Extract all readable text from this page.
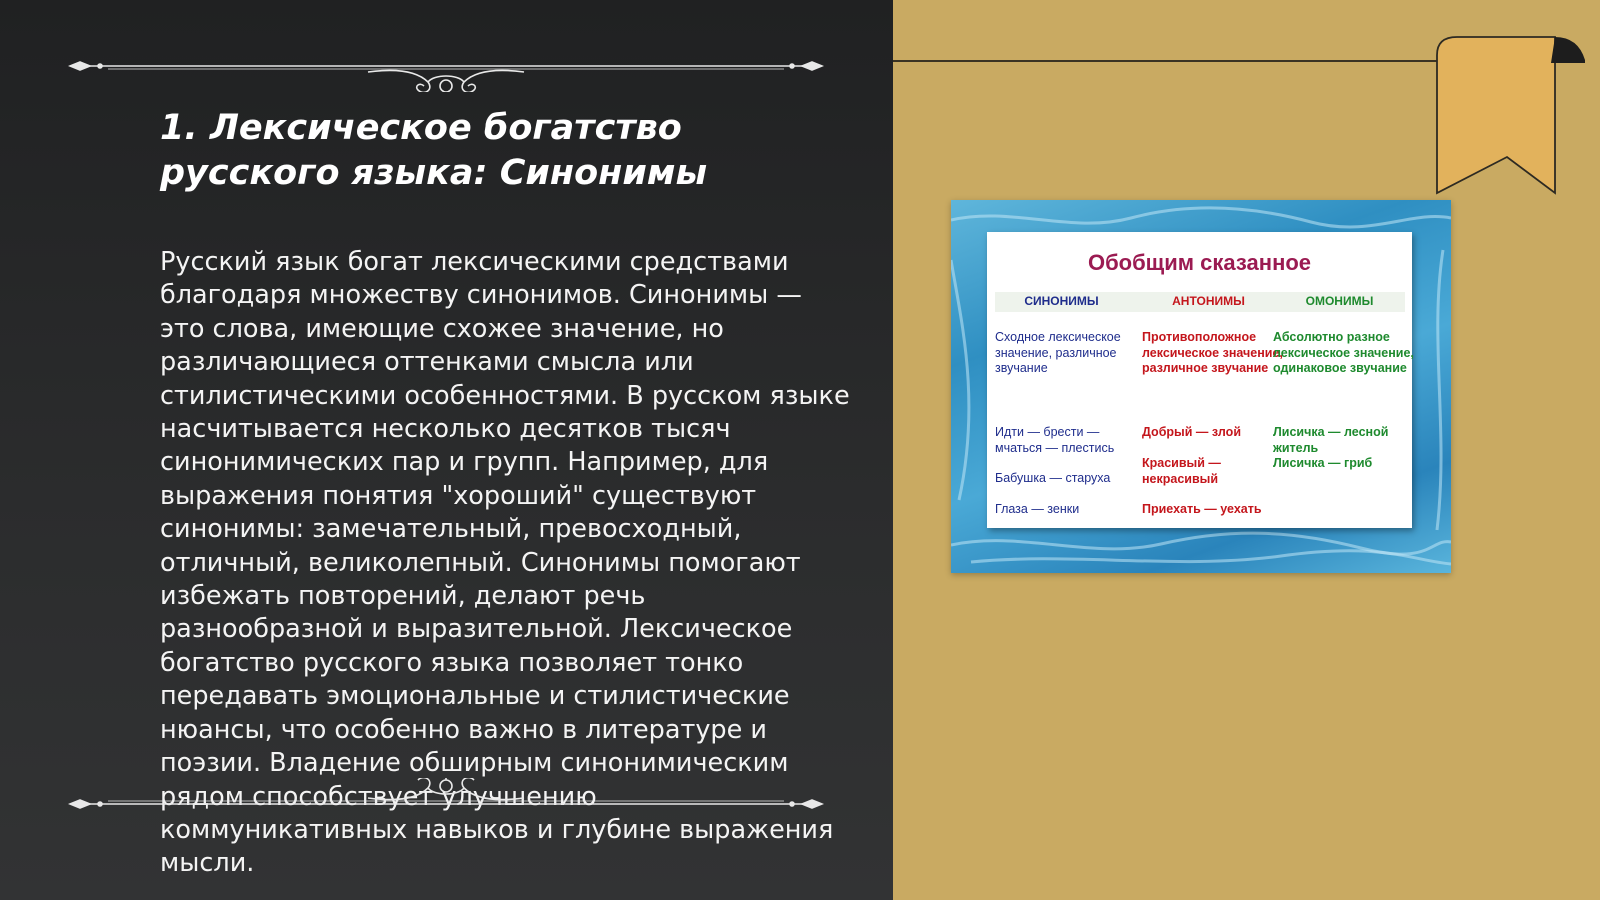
1. Лексическое богатство русского языка: Синонимы

Русский язык богат лексическими средствами благодаря множеству синонимов. Синонимы — это слова, имеющие схожее значение, но различающиеся оттенками смысла или стилистическими особенностями. В русском языке насчитывается несколько десятков тысяч синонимических пар и групп. Например, для выражения понятия "хороший" существуют синонимы: замечательный, превосходный, отличный, великолепный. Синонимы помогают избежать повторений, делают речь разнообразной и выразительной. Лексическое богатство русского языка позволяет тонко передавать эмоциональные и стилистические нюансы, что особенно важно в литературе и поэзии. Владение обширным синонимическим рядом способствует улучшению коммуникативных навыков и глубине выражения мысли.

Обобщим сказанное
СИНОНИМЫ
Сходное лексическое значение, различное звучание
Идти — брести — мчаться — плестись
Бабушка — старуха
Глаза — зенки
АНТОНИМЫ
Противоположное лексическое значение, различное звучание
Добрый — злой
Красивый — некрасивый
Приехать — уехать
ОМОНИМЫ
Абсолютно разное лексическое значение, одинаковое звучание
Лисичка — лесной житель
Лисичка — гриб
